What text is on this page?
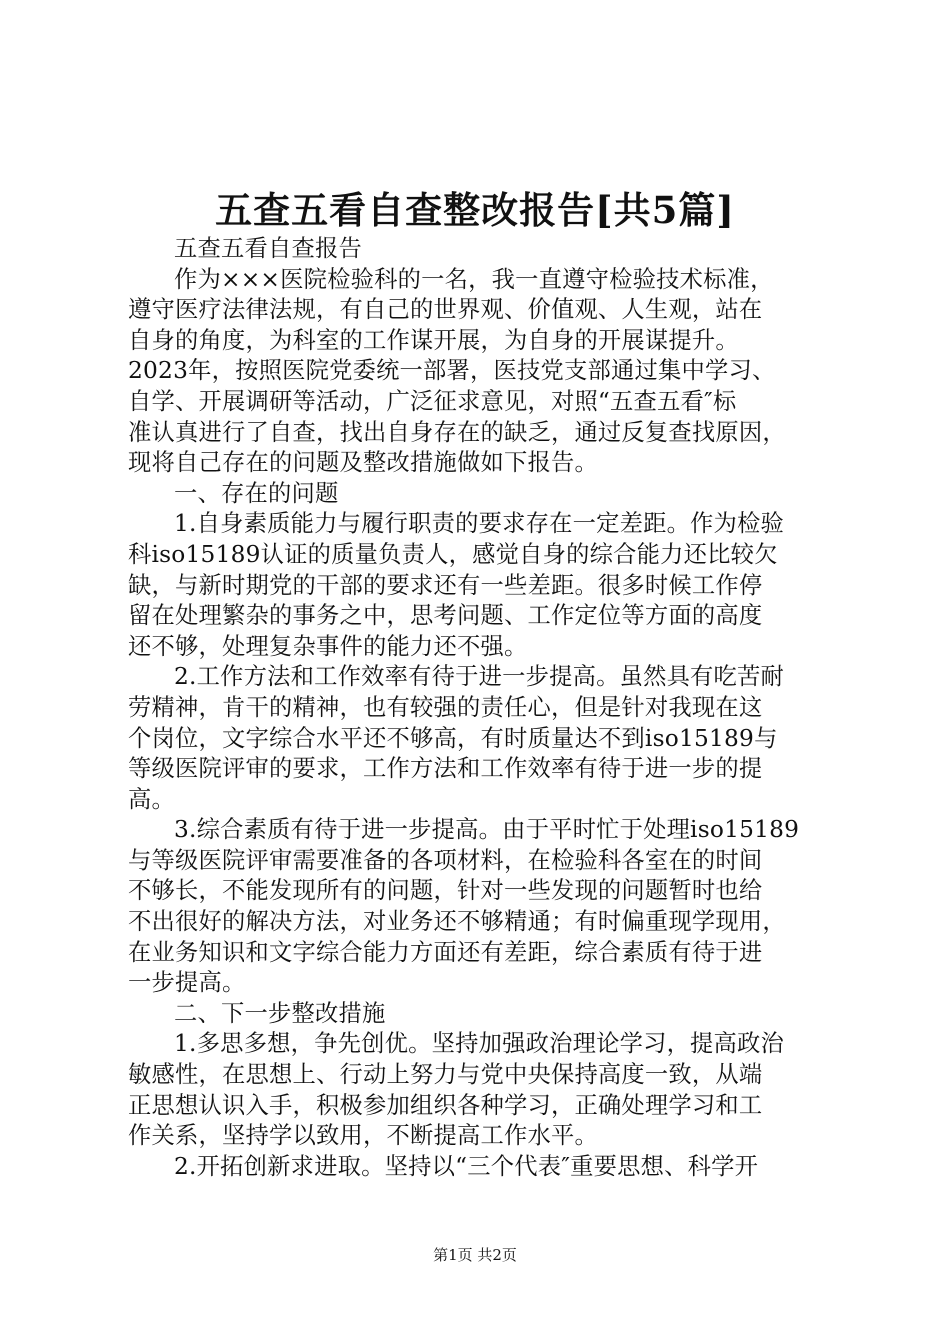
五查五看自查整改报告[共5篇]
五查五看自查报告
作为×××医院检验科的一名，我一直遵守检验技术标准，
遵守医疗法律法规，有自己的世界观、价值观、人生观，站在
自身的角度，为科室的工作谋开展，为自身的开展谋提升。
2023年，按照医院党委统一部署，医技党支部通过集中学习、
自学、开展调研等活动，广泛征求意见，对照“五查五看″标
准认真进行了自查，找出自身存在的缺乏，通过反复查找原因，
现将自己存在的问题及整改措施做如下报告。
一、存在的问题
1.自身素质能力与履行职责的要求存在一定差距。作为检验
科iso15189认证的质量负责人，感觉自身的综合能力还比较欠
缺，与新时期党的干部的要求还有一些差距。很多时候工作停
留在处理繁杂的事务之中，思考问题、工作定位等方面的高度
还不够，处理复杂事件的能力还不强。
2.工作方法和工作效率有待于进一步提高。虽然具有吃苦耐
劳精神，肯干的精神，也有较强的责任心，但是针对我现在这
个岗位，文字综合水平还不够高，有时质量达不到iso15189与
等级医院评审的要求，工作方法和工作效率有待于进一步的提
高。
3.综合素质有待于进一步提高。由于平时忙于处理iso15189
与等级医院评审需要准备的各项材料，在检验科各室在的时间
不够长，不能发现所有的问题，针对一些发现的问题暂时也给
不出很好的解决方法，对业务还不够精通；有时偏重现学现用，
在业务知识和文字综合能力方面还有差距，综合素质有待于进
一步提高。
二、下一步整改措施
1.多思多想，争先创优。坚持加强政治理论学习，提高政治
敏感性，在思想上、行动上努力与党中央保持高度一致，从端
正思想认识入手，积极参加组织各种学习，正确处理学习和工
作关系，坚持学以致用，不断提高工作水平。
2.开拓创新求进取。坚持以“三个代表″重要思想、科学开
第1页 共2页
